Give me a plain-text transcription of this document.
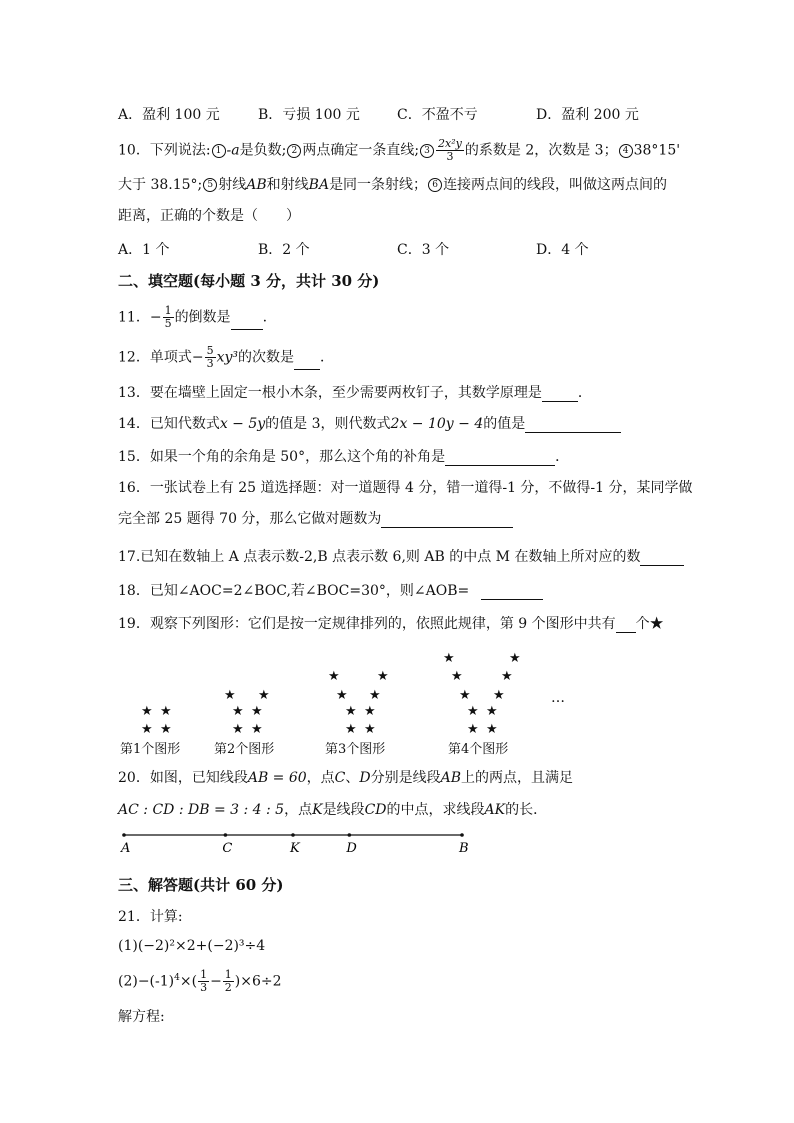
A．盈利 100 元	B．亏损 100 元	C．不盈不亏	D．盈利 200 元
10．下列说法: 1 -a是负数; 2 两点确定一条直线; $3 \frac{\text{2x²y}}{3}$ 的系数是 2，次数是 3； 4 38°15'
大于 38.15°; 5 射线AB和射线BA是同一条射线； 6 连接两点间的线段，叫做这两点间的
距离，正确的个数是（　　）
A．1 个	B．2 个	C．3 个	D．4 个
二、填空题(每小题 3 分，共计 30 分)
11．− $\frac{1}{5}$ 的倒数是 .
12．单项式− $\frac{5}{3} xy^3$的次数是 ．
13．要在墙壁上固定一根小木条，至少需要两枚钉子，其数学原理是	．
14．已知代数式x − 5y的值是 3，则代数式2x − 10y − 4的值是
15．如果一个角的余角是 50°，那么这个角的补角是	．
16．一张试卷上有 25 道选择题：对一道题得 4 分，错一道得-1 分，不做得-1 分，某同学做
完全部 25 题得 70 分，那么它做对题数为
17.已知在数轴上 A 点表示数-2,B 点表示数 6,则 AB 的中点 M 在数轴上所对应的数
18．已知∠AOC=2∠BOC,若∠BOC=30°，则∠AOB=
19．观察下列图形：它们是按一定规律排列的，依照此规律，第 9 个图形中共有 个★
★ ★
★ ★
★ ★
★ ★
★ ★
★	★
★ ★
★ ★
★ ★
★	★
★	★
★ ★
★ ★
★ ★
…
第1个图形	第2个图形	第3个图形	第4个图形
20．如图，已知线段AB = 60，点C、D分别是线段AB上的两点，且满足
AC : CD : DB = 3 : 4 : 5，点K是线段CD的中点，求线段AK的长．
A	C	K	D	B
三、解答题(共计 60 分)
21．计算:
(1)(−2)²×2+(−2)³÷4
$(2)-(-1)^4\times( \frac{1}{3} - \frac{1}{2} )\times 6\div 2$
解方程:
